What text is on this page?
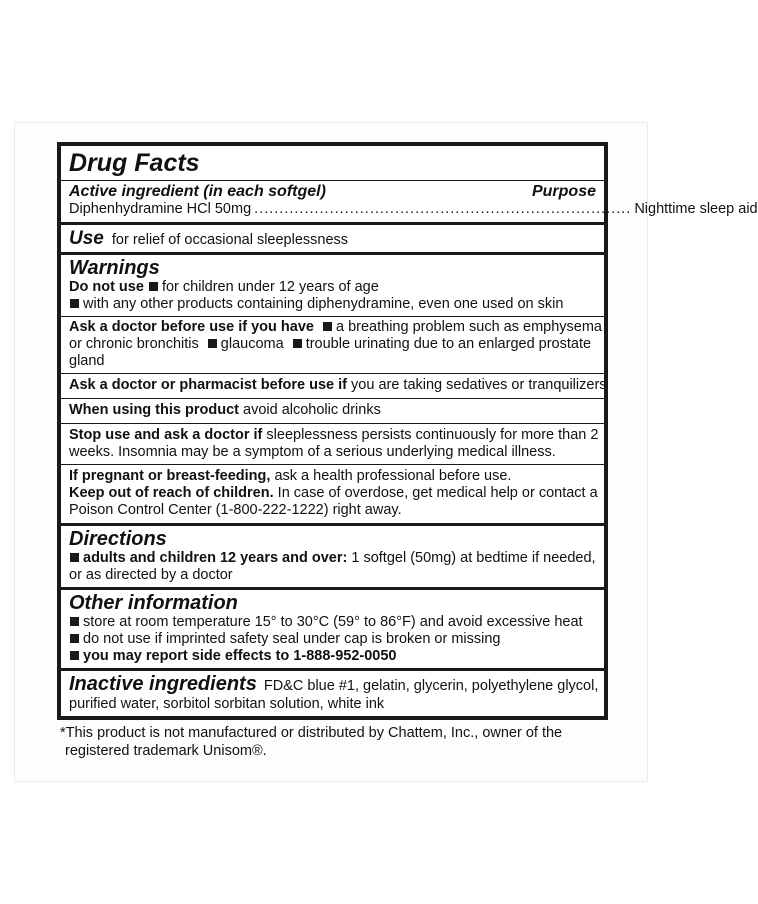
Drug Facts
Active ingredient (in each softgel)	Purpose
Diphenhydramine HCl 50mg ........................................................................... Nighttime sleep aid
Use for relief of occasional sleeplessness
Warnings
Do not use for children under 12 years of age
with any other products containing diphenydramine, even one used on skin
Ask a doctor before use if you have a breathing problem such as emphysema
or chronic bronchitis glaucoma trouble urinating due to an enlarged prostate
gland
Ask a doctor or pharmacist before use if you are taking sedatives or tranquilizers
When using this product avoid alcoholic drinks
Stop use and ask a doctor if sleeplessness persists continuously for more than 2
weeks. Insomnia may be a symptom of a serious underlying medical illness.
If pregnant or breast-feeding, ask a health professional before use.
Keep out of reach of children. In case of overdose, get medical help or contact a
Poison Control Center (1-800-222-1222) right away.
Directions
adults and children 12 years and over: 1 softgel (50mg) at bedtime if needed,
or as directed by a doctor
Other information
store at room temperature 15° to 30°C (59° to 86°F) and avoid excessive heat
do not use if imprinted safety seal under cap is broken or missing
you may report side effects to 1-888-952-0050
Inactive ingredients FD&C blue #1, gelatin, glycerin, polyethylene glycol,
purified water, sorbitol sorbitan solution, white ink
*This product is not manufactured or distributed by Chattem, Inc., owner of the
registered trademark Unisom®.
